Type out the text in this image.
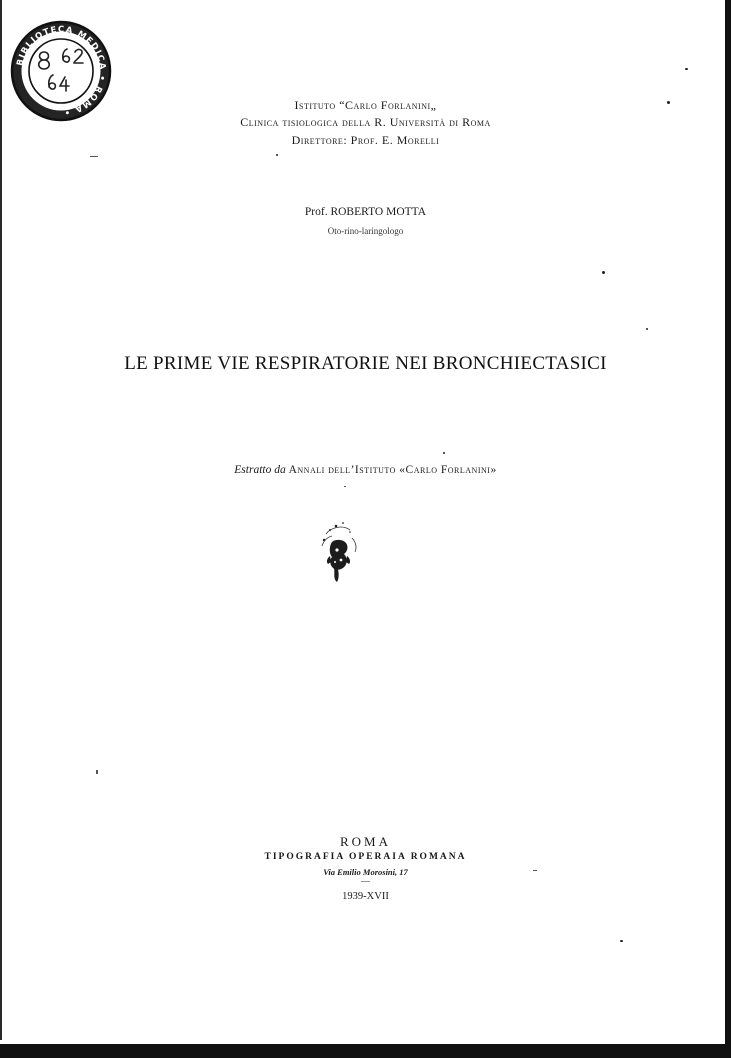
BIBLIOTECA MEDICA • ROMA •	Istituto “Carlo Forlanini„
Clinica tisiologica della R. Università di Roma
Direttore: Prof. E. Morelli
Prof. ROBERTO MOTTA
Oto-rino-laringologo
LE PRIME VIE RESPIRATORIE NEI BRONCHIECTASICI
Estratto da Annali dell’Istituto «Carlo Forlanini»
ROMA
TIPOGRAFIA OPERAIA ROMANA
Via Emilio Morosini, 17
—
1939-XVII
